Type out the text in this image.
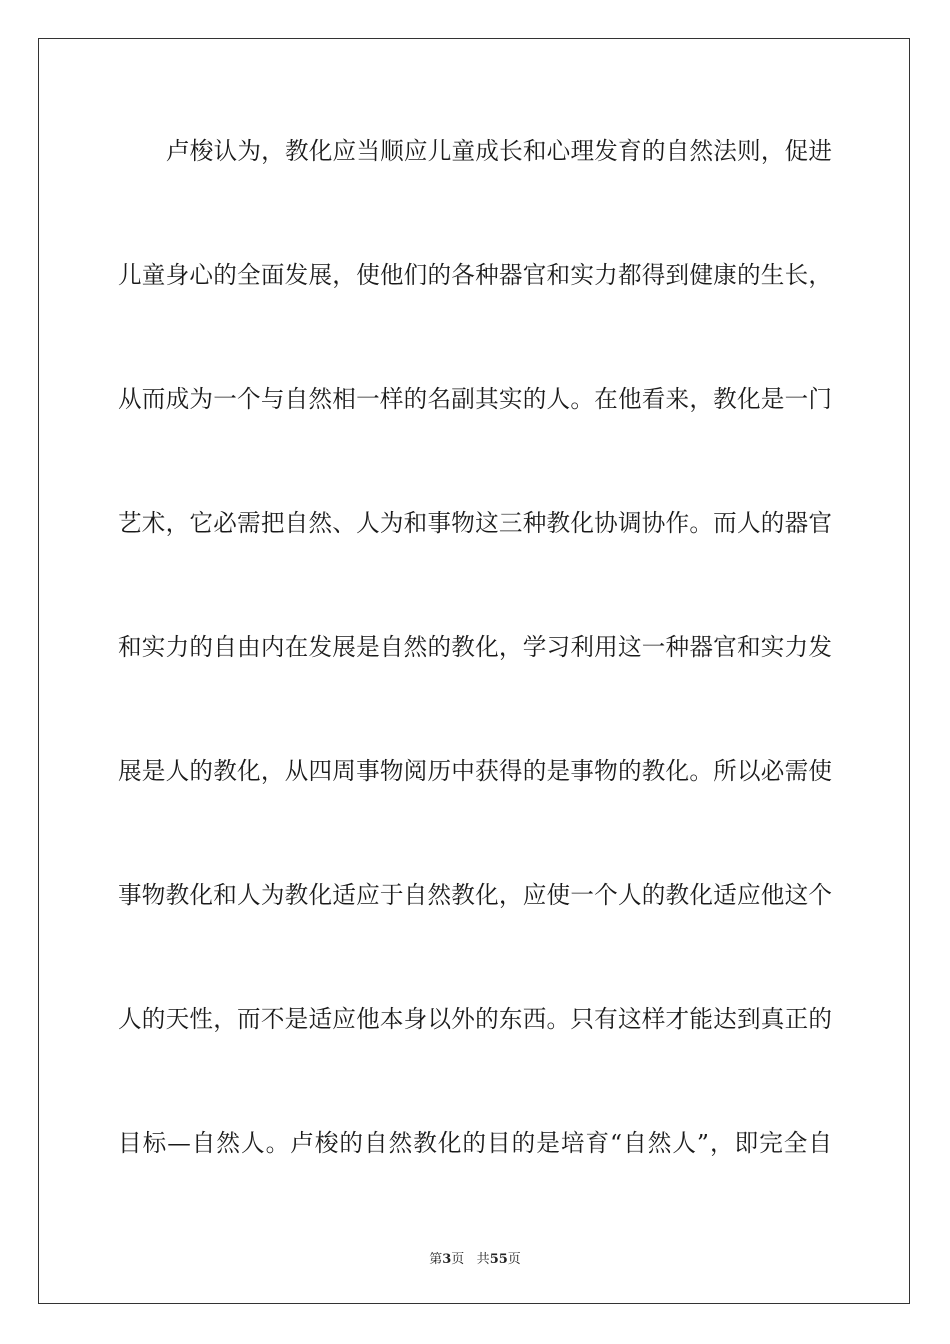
卢梭认为，教化应当顺应儿童成长和心理发育的自然法则，促进
儿童身心的全面发展，使他们的各种器官和实力都得到健康的生长，
从而成为一个与自然相一样的名副其实的人。在他看来，教化是一门
艺术，它必需把自然、人为和事物这三种教化协调协作。而人的器官
和实力的自由内在发展是自然的教化，学习利用这一种器官和实力发
展是人的教化，从四周事物阅历中获得的是事物的教化。所以必需使
事物教化和人为教化适应于自然教化，应使一个人的教化适应他这个
人的天性，而不是适应他本身以外的东西。只有这样才能达到真正的
目标—自然人。卢梭的自然教化的目的是培育“自然人”，即完全自
第3页 共55页
